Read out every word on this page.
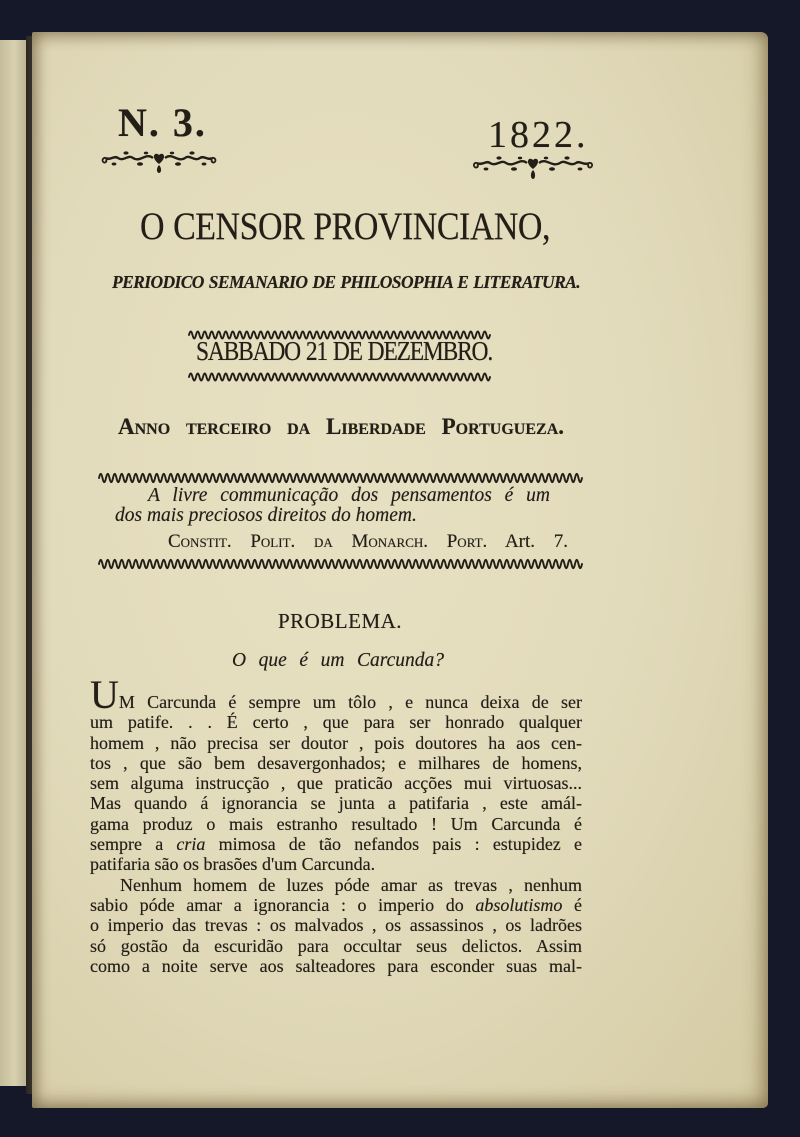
N. 3.	1822.
O CENSOR PROVINCIANO,
PERIODICO SEMANARIO DE PHILOSOPHIA E LITERATURA.
SABBADO 21 DE DEZEMBRO.
Anno terceiro da Liberdade Portugueza.
A livre communicação dos pensamentos é um
dos mais preciosos direitos do homem.
Constit. Polit. da Monarch. Port. Art. 7.
PROBLEMA.
O que é um Carcunda?
UM Carcunda é sempre um tôlo , e nunca deixa de ser
um patife. . . É certo , que para ser honrado qualquer
homem , não precisa ser doutor , pois doutores ha aos cen-
tos , que são bem desavergonhados; e milhares de homens,
sem alguma instrucção , que praticão acções mui virtuosas...
Mas quando á ignorancia se junta a patifaria , este amál-
gama produz o mais estranho resultado ! Um Carcunda é
sempre a cria mimosa de tão nefandos pais : estupidez e
patifaria são os brasões d'um Carcunda.
Nenhum homem de luzes póde amar as trevas , nenhum
sabio póde amar a ignorancia : o imperio do absolutismo é
o imperio das trevas : os malvados , os assassinos , os ladrões
só gostão da escuridão para occultar seus delictos. Assim
como a noite serve aos salteadores para esconder suas mal-
